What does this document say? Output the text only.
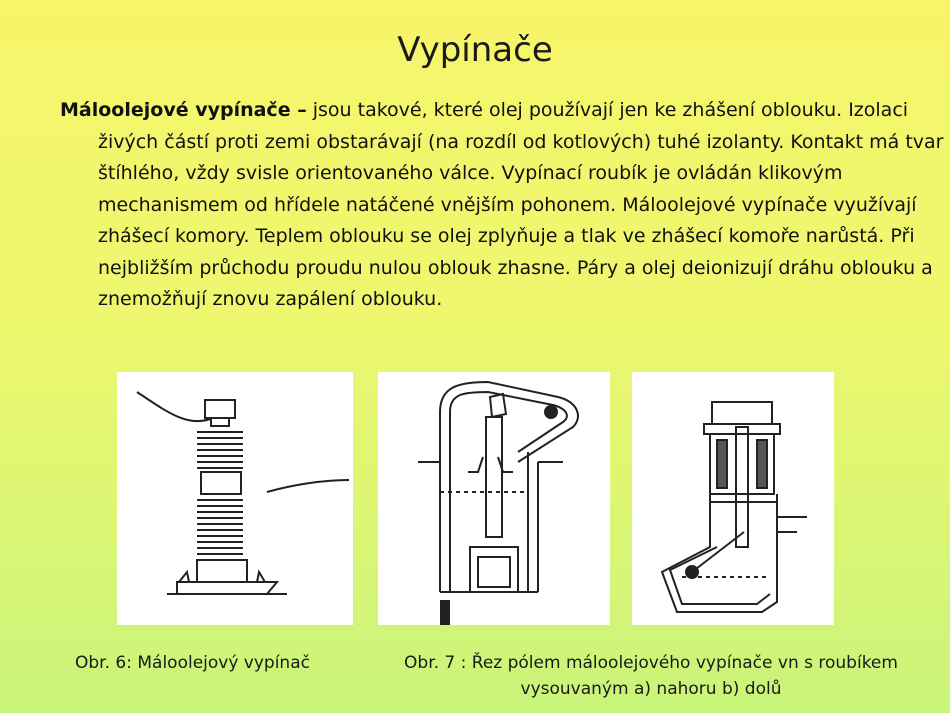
Vypínače
Máloolejové vypínače – jsou takové, které olej používají jen ke zhášení oblouku. Izolaci živých částí proti zemi obstarávají (na rozdíl od kotlových) tuhé izolanty. Kontakt má tvar štíhlého, vždy svisle orientovaného válce. Vypínací roubík je ovládán klikovým mechanismem od hřídele natáčené vnějším pohonem. Máloolejové vypínače využívají zhášecí komory. Teplem oblouku se olej zplyňuje a tlak ve zhášecí komoře narůstá. Při nejbližším průchodu proudu nulou oblouk zhasne. Páry a olej deionizují dráhu oblouku a znemožňují znovu zapálení oblouku.
Obr. 6: Máloolejový vypínač	Obr. 7 : Řez pólem máloolejového vypínače vn s roubíkem vysouvaným a) nahoru b) dolů
